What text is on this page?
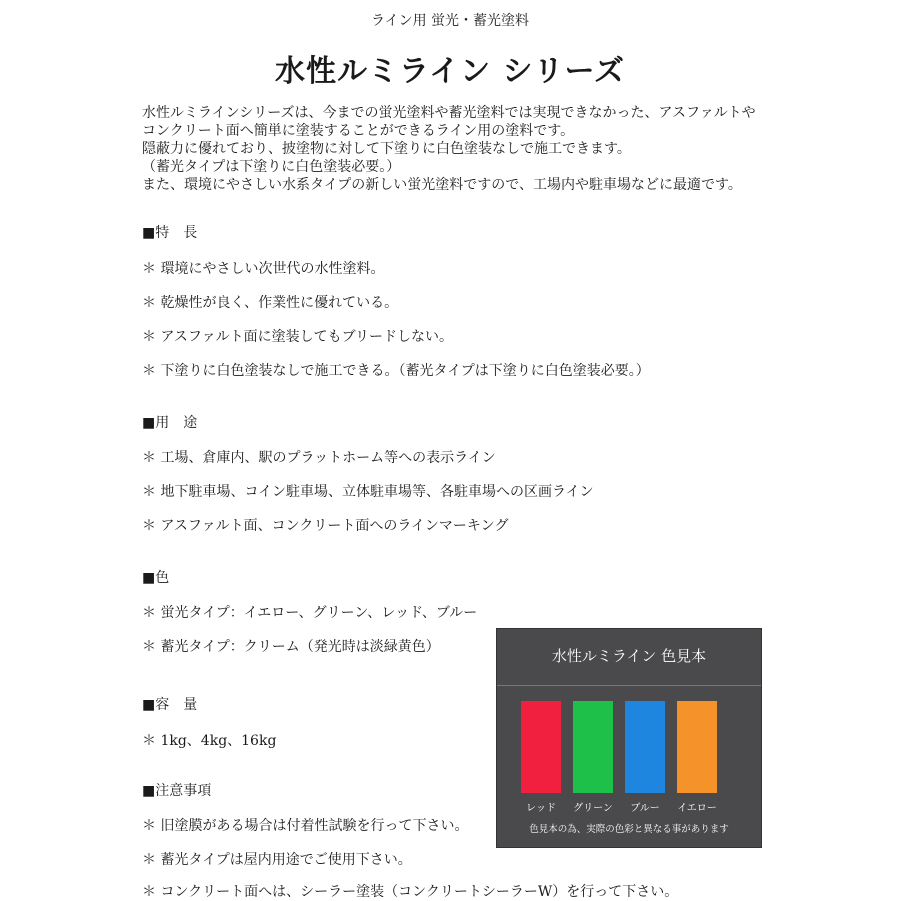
ライン用 蛍光・蓄光塗料
水性ルミライン シリーズ
水性ルミラインシリーズは、今までの蛍光塗料や蓄光塗料では実現できなかった、アスファルトや
コンクリート面へ簡単に塗装することができるライン用の塗料です。
隠蔽力に優れており、披塗物に対して下塗りに白色塗装なしで施工できます。
（蓄光タイプは下塗りに白色塗装必要。）
また、環境にやさしい水系タイプの新しい蛍光塗料ですので、工場内や駐車場などに最適です。
■特　長
＊ 環境にやさしい次世代の水性塗料。
＊ 乾燥性が良く、作業性に優れている。
＊ アスファルト面に塗装してもブリードしない。
＊ 下塗りに白色塗装なしで施工できる。（蓄光タイプは下塗りに白色塗装必要。）
■用　途
＊ 工場、倉庫内、駅のプラットホーム等への表示ライン
＊ 地下駐車場、コイン駐車場、立体駐車場等、各駐車場への区画ライン
＊ アスファルト面、コンクリート面へのラインマーキング
■色
＊ 蛍光タイプ：イエロー、グリーン、レッド、ブルー
＊ 蓄光タイプ：クリーム（発光時は淡緑黄色）
■容　量
＊ 1kg、4kg、16kg
■注意事項
＊ 旧塗膜がある場合は付着性試験を行って下さい。
＊ 蓄光タイプは屋内用途でご使用下さい。
＊ コンクリート面へは、シーラー塗装（コンクリートシーラーW）を行って下さい。
水性ルミライン 色見本
レッド	グリーン	ブルー	イエロー
色見本の為、実際の色彩と異なる事があります
